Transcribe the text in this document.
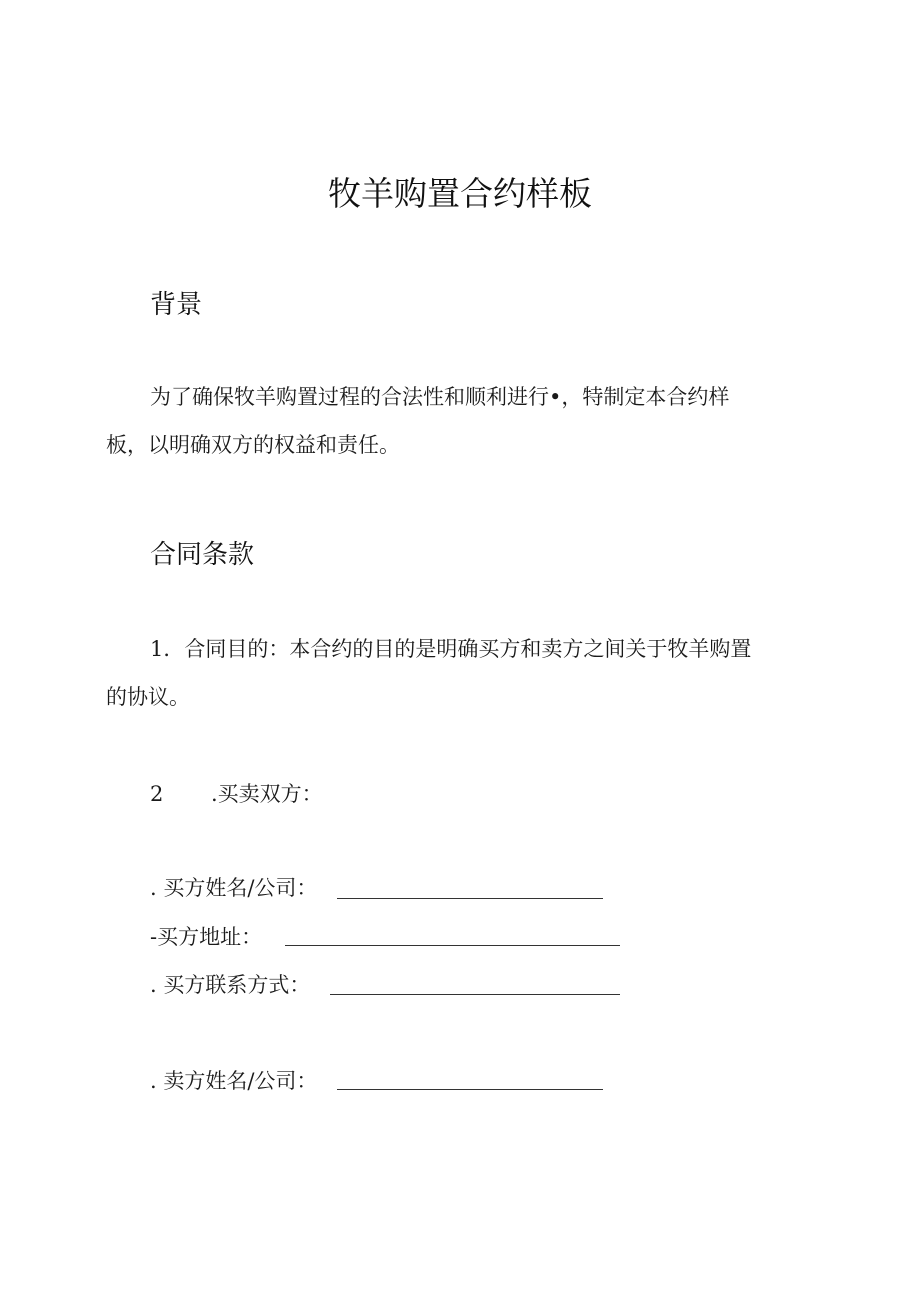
牧羊购置合约样板
背景
为了确保牧羊购置过程的合法性和顺利进行•，特制定本合约样
板，以明确双方的权益和责任。
合同条款
1．合同目的：本合约的目的是明确买方和卖方之间关于牧羊购置
的协议。
2 .买卖双方：
. 买方姓名/公司：
-买方地址：
. 买方联系方式：
. 卖方姓名/公司：
